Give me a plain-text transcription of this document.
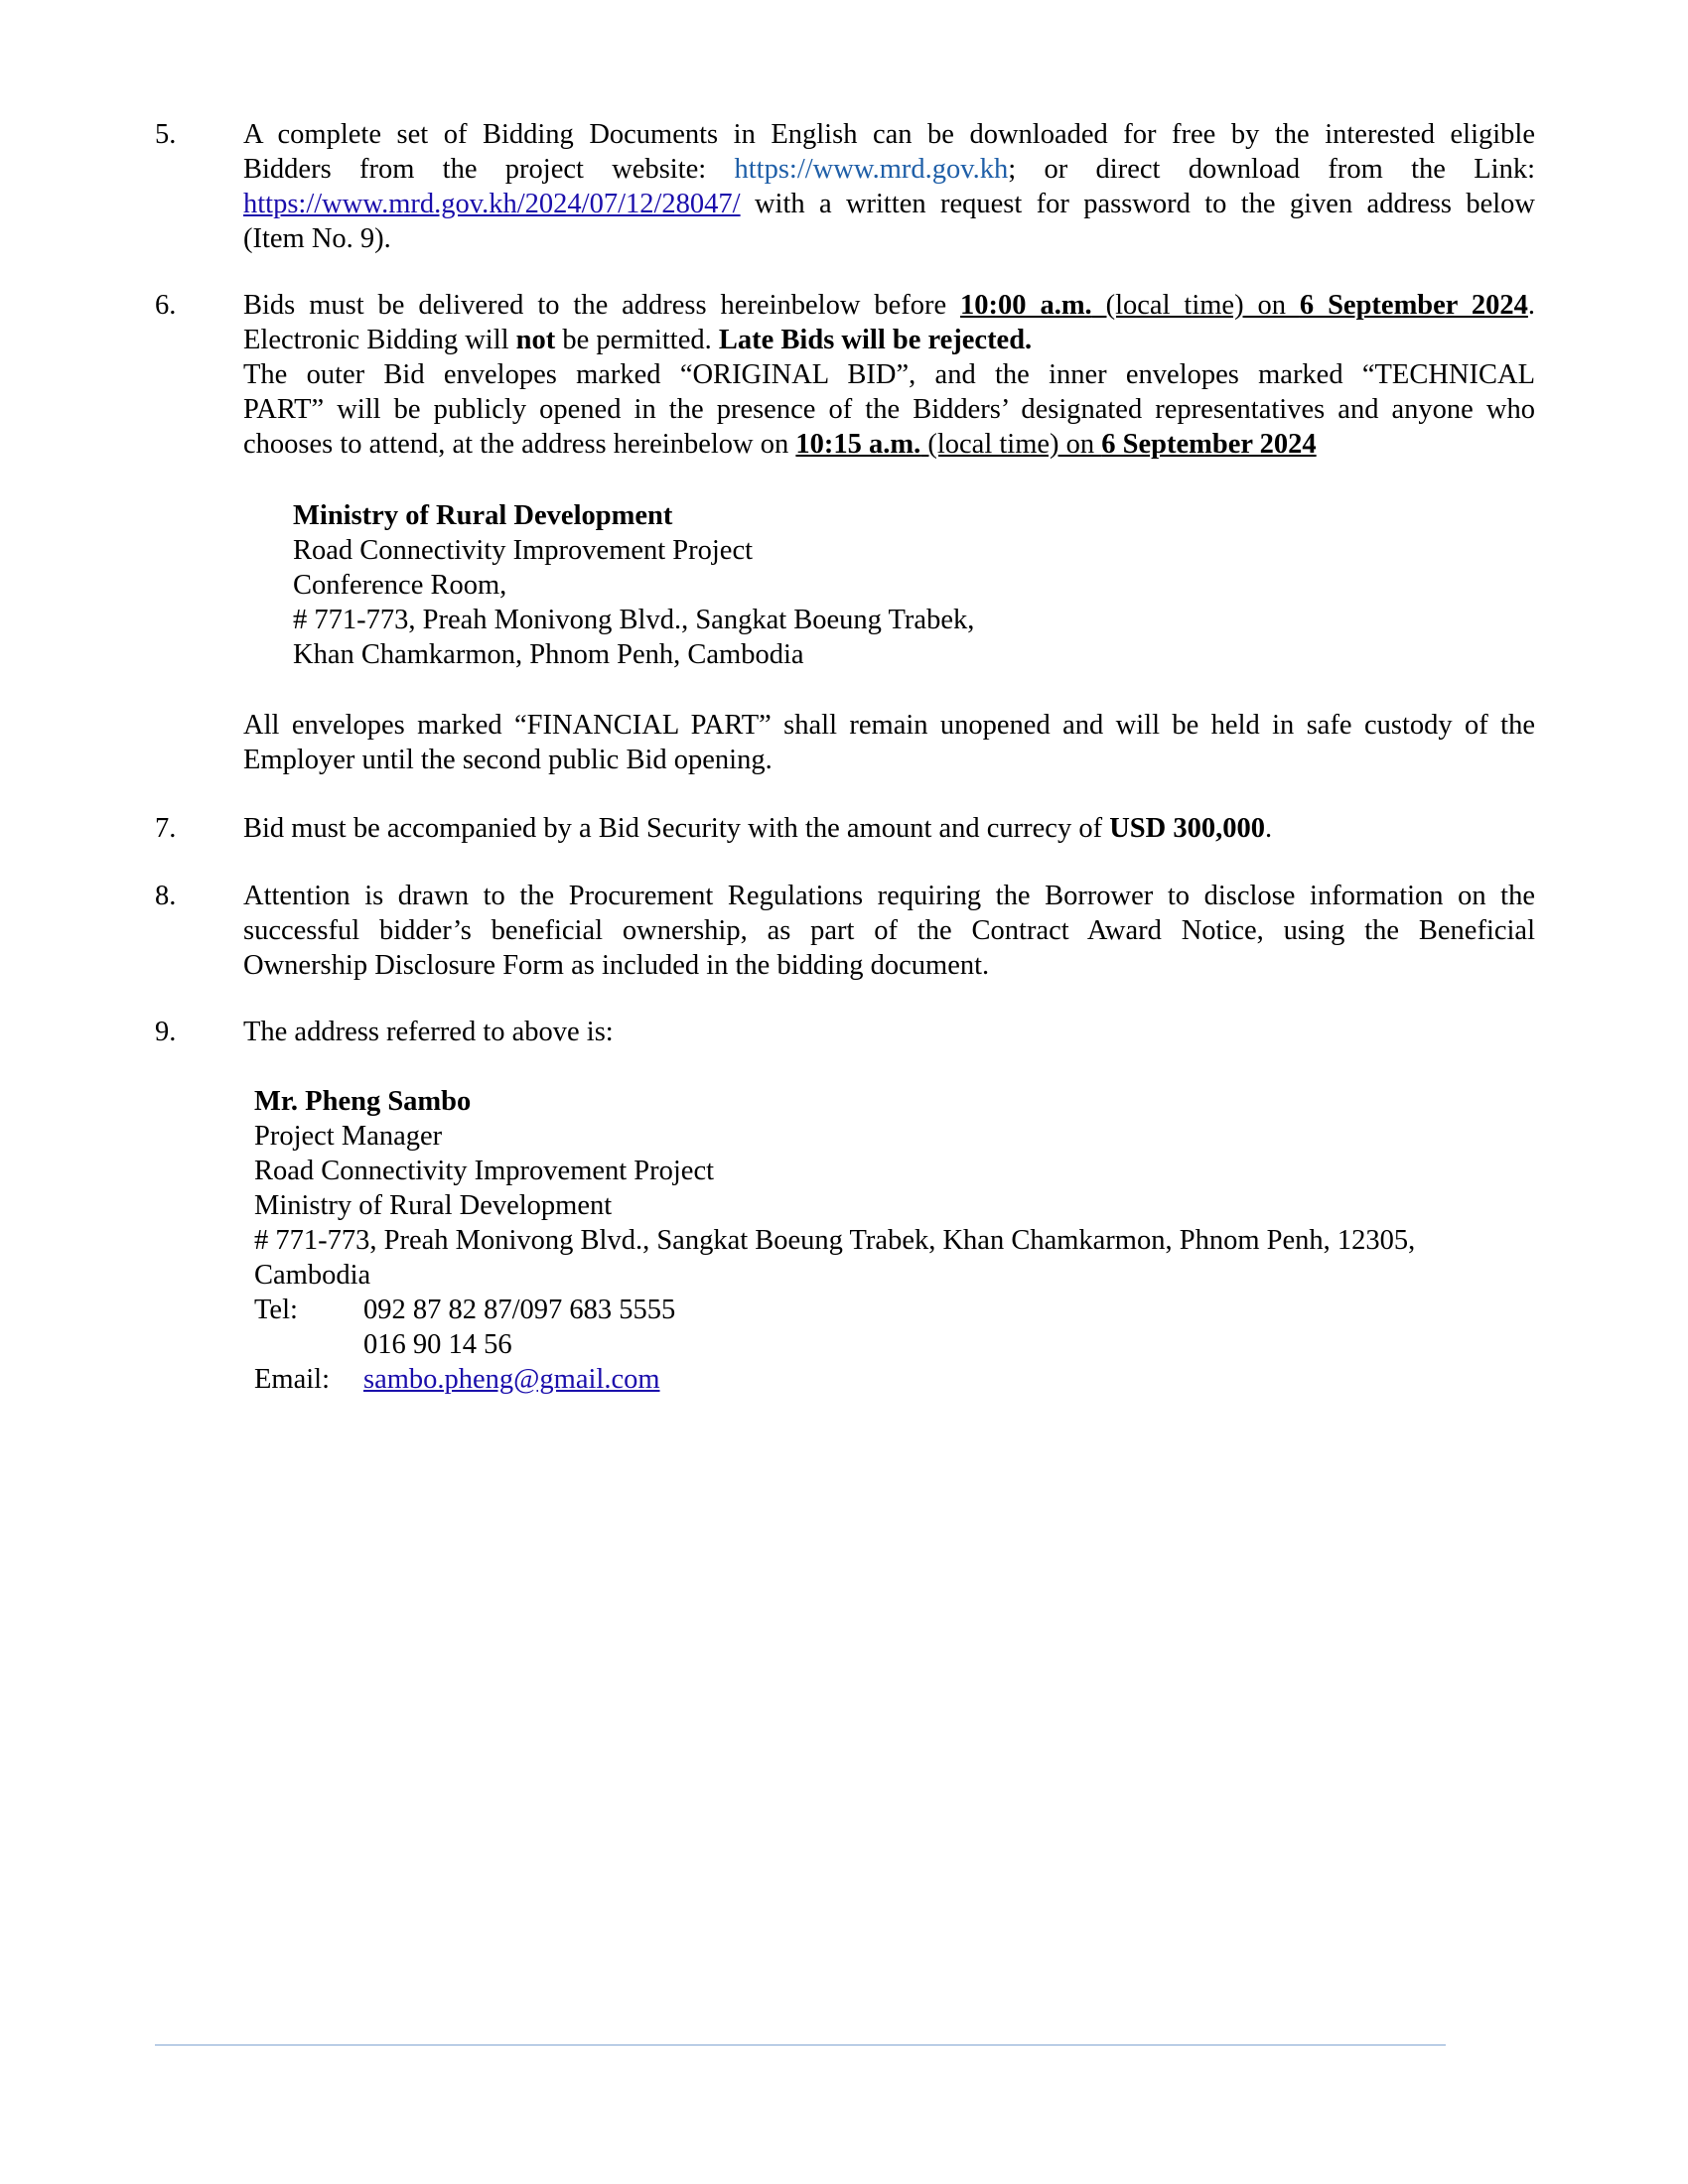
5.	A complete set of Bidding Documents in English can be downloaded for free by the interested eligible
Bidders from the project website: https://www.mrd.gov.kh; or direct download from the Link:
https://www.mrd.gov.kh/2024/07/12/28047/ with a written request for password to the given address below
(Item No. 9).
6.	Bids must be delivered to the address hereinbelow before 10:00 a.m. (local time) on 6 September 2024.
Electronic Bidding will not be permitted. Late Bids will be rejected.
The outer Bid envelopes marked “ORIGINAL BID”, and the inner envelopes marked “TECHNICAL
PART” will be publicly opened in the presence of the Bidders’ designated representatives and anyone who
chooses to attend, at the address hereinbelow on 10:15 a.m. (local time) on 6 September 2024
Ministry of Rural Development
Road Connectivity Improvement Project
Conference Room,
# 771-773, Preah Monivong Blvd., Sangkat Boeung Trabek,
Khan Chamkarmon, Phnom Penh, Cambodia
All envelopes marked “FINANCIAL PART” shall remain unopened and will be held in safe custody of the
Employer until the second public Bid opening.
7.	Bid must be accompanied by a Bid Security with the amount and currecy of USD 300,000.
8.	Attention is drawn to the Procurement Regulations requiring the Borrower to disclose information on the
successful bidder’s beneficial ownership, as part of the Contract Award Notice, using the Beneficial
Ownership Disclosure Form as included in the bidding document.
9.	The address referred to above is:
Mr. Pheng Sambo
Project Manager
Road Connectivity Improvement Project
Ministry of Rural Development
# 771-773, Preah Monivong Blvd., Sangkat Boeung Trabek, Khan Chamkarmon, Phnom Penh, 12305,
Cambodia
Tel: 092 87 82 87/097 683 5555
016 90 14 56
Email: sambo.pheng@gmail.com
